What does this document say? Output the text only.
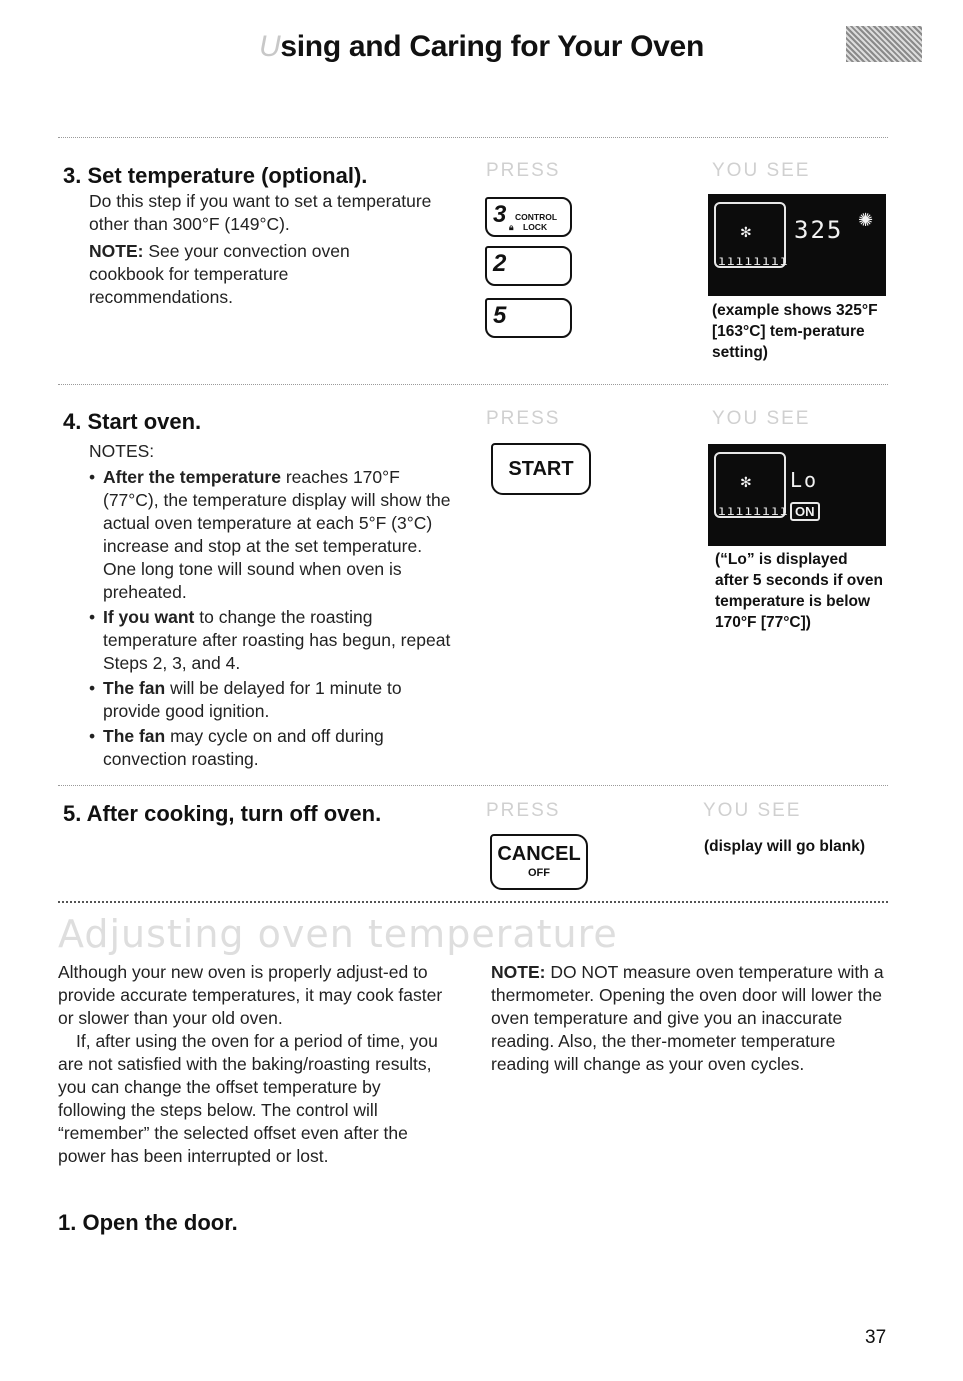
Using and Caring for Your Oven
3. Set temperature (optional).
Do this step if you want to set a temperature other than 300°F (149°C).
NOTE: See your convection oven cookbook for temperature recommendations.
PRESS	YOU SEE
3 CONTROL
🔒︎ LOCK
2
5
✻
ıııııııı
325 ✺
(example shows 325°F [163°C] tem-perature setting)
4. Start oven.
NOTES:
• After the temperature reaches 170°F (77°C), the temperature display will show the actual oven temperature at each 5°F (3°C) increase and stop at the set temperature. One long tone will sound when oven is preheated.
• If you want to change the roasting temperature after roasting has begun, repeat Steps 2, 3, and 4.
• The fan will be delayed for 1 minute to provide good ignition.
• The fan may cycle on and off during convection roasting.
PRESS	YOU SEE
START
✻
ıııııııı
Lo
ON
(“Lo” is displayed after 5 seconds if oven temperature is below 170°F [77°C])
5. After cooking, turn off oven.	PRESS	YOU SEE
CANCEL
OFF
(display will go blank)
Adjusting oven temperature
Although your new oven is properly adjust-ed to provide accurate temperatures, it may cook faster or slower than your old oven.
If, after using the oven for a period of time, you are not satisfied with the baking/roasting results, you can change the offset temperature by following the steps below. The control will “remember” the selected offset even after the power has been interrupted or lost.
NOTE: DO NOT measure oven temperature with a thermometer. Opening the oven door will lower the oven temperature and give you an inaccurate reading. Also, the ther-mometer temperature reading will change as your oven cycles.
1. Open the door.
37
